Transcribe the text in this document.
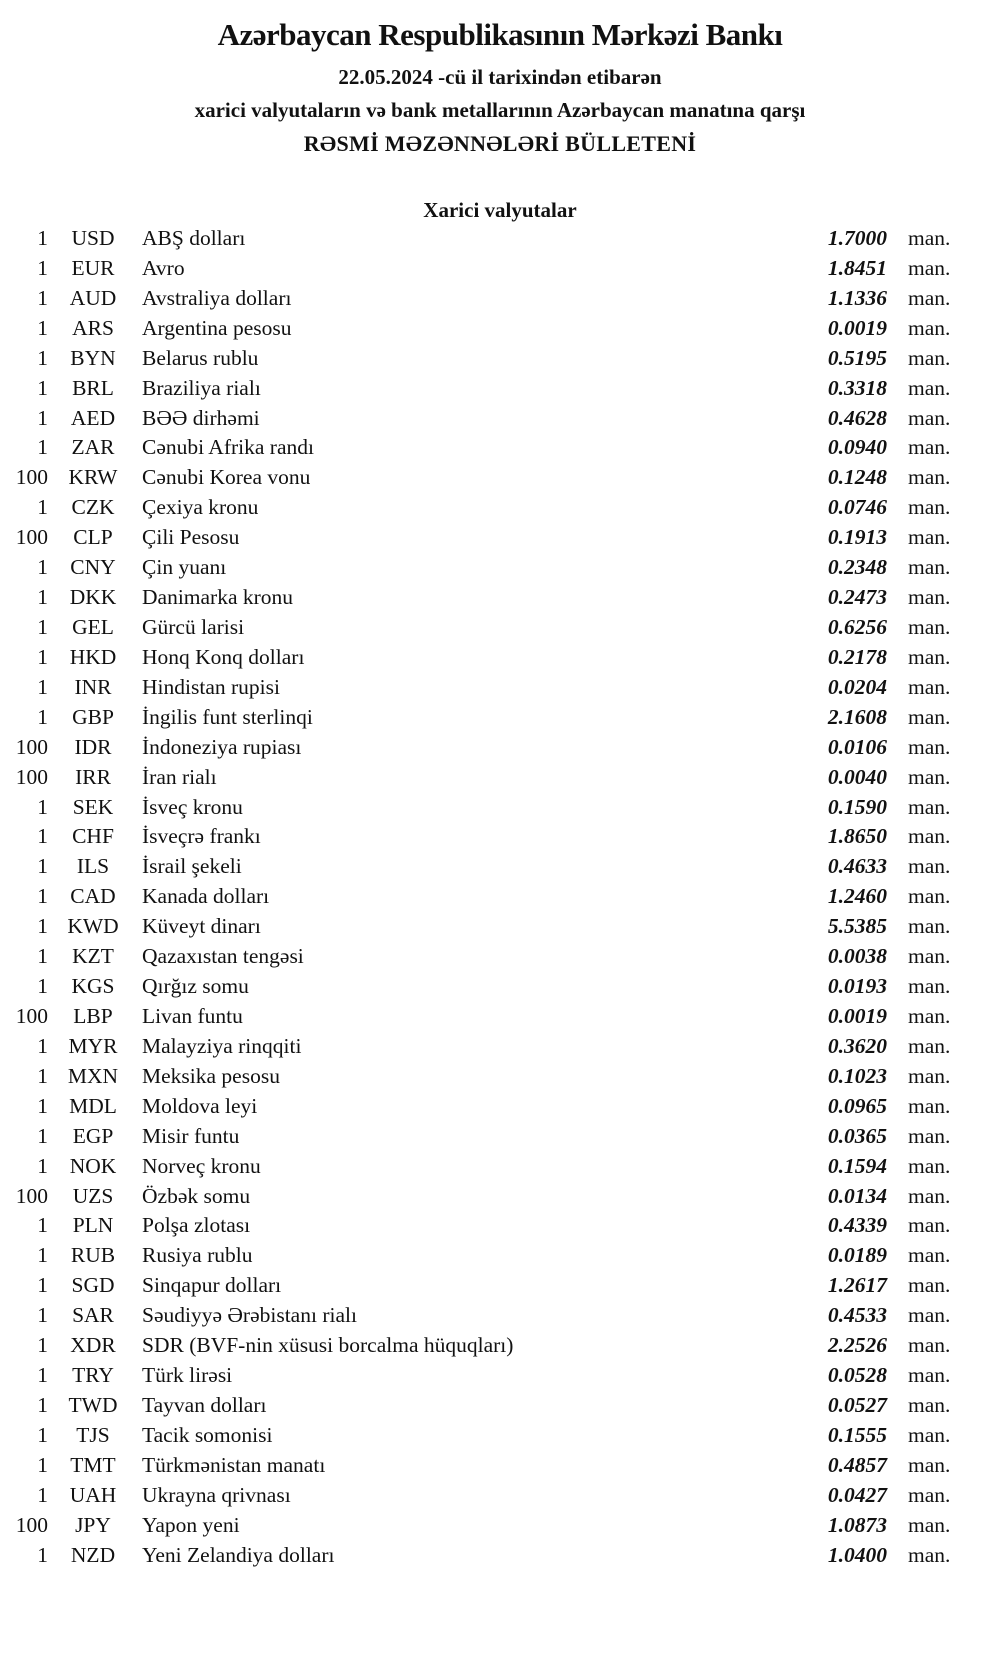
Azərbaycan Respublikasının Mərkəzi Bankı
22.05.2024 -cü il tarixindən etibarən
xarici valyutaların və bank metallarının Azərbaycan manatına qarşı
RƏSMİ MƏZƏNNƏLƏRİ BÜLLETENİ
Xarici valyutalar
1	USD	ABŞ dolları	1.7000 man.
1	EUR	Avro	1.8451 man.
1	AUD	Avstraliya dolları	1.1336 man.
1	ARS	Argentina pesosu	0.0019 man.
1	BYN	Belarus rublu	0.5195 man.
1	BRL	Braziliya rialı	0.3318 man.
1	AED	BƏƏ dirhəmi	0.4628 man.
1	ZAR	Cənubi Afrika randı	0.0940 man.
100 KRW	Cənubi Korea vonu	0.1248 man.
1	CZK	Çexiya kronu	0.0746 man.
100	CLP	Çili Pesosu	0.1913 man.
1	CNY	Çin yuanı	0.2348 man.
1	DKK	Danimarka kronu	0.2473 man.
1	GEL	Gürcü larisi	0.6256 man.
1	HKD	Honq Konq dolları	0.2178 man.
1	INR	Hindistan rupisi	0.0204 man.
1	GBP	İngilis funt sterlinqi	2.1608 man.
100	IDR	İndoneziya rupiası	0.0106 man.
100	IRR	İran rialı	0.0040 man.
1	SEK	İsveç kronu	0.1590 man.
1	CHF	İsveçrə frankı	1.8650 man.
1	ILS	İsrail şekeli	0.4633 man.
1	CAD	Kanada dolları	1.2460 man.
1 KWD	Küveyt dinarı	5.5385 man.
1	KZT	Qazaxıstan tengəsi	0.0038 man.
1	KGS	Qırğız somu	0.0193 man.
100	LBP	Livan funtu	0.0019 man.
1 MYR	Malayziya rinqqiti	0.3620 man.
1 MXN	Meksika pesosu	0.1023 man.
1 MDL	Moldova leyi	0.0965 man.
1	EGP	Misir funtu	0.0365 man.
1	NOK	Norveç kronu	0.1594 man.
100	UZS	Özbək somu	0.0134 man.
1	PLN	Polşa zlotası	0.4339 man.
1	RUB	Rusiya rublu	0.0189 man.
1	SGD	Sinqapur dolları	1.2617 man.
1	SAR	Səudiyyə Ərəbistanı rialı	0.4533 man.
1	XDR	SDR (BVF-nin xüsusi borcalma hüquqları)	2.2526 man.
1	TRY	Türk lirəsi	0.0528 man.
1 TWD	Tayvan dolları	0.0527 man.
1	TJS	Tacik somonisi	0.1555 man.
1	TMT	Türkmənistan manatı	0.4857 man.
1	UAH	Ukrayna qrivnası	0.0427 man.
100	JPY	Yapon yeni	1.0873 man.
1	NZD	Yeni Zelandiya dolları	1.0400 man.
